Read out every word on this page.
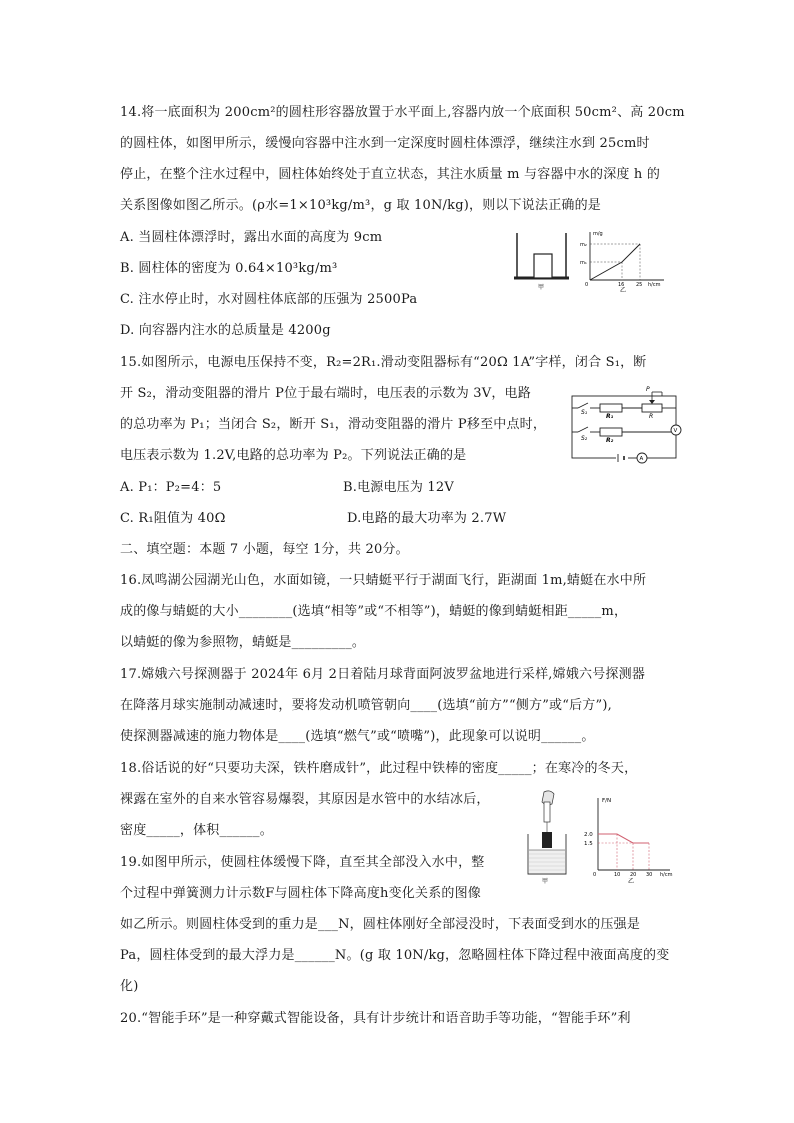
14.将一底面积为 200cm²的圆柱形容器放置于水平面上,容器内放一个底面积 50cm²、高 20cm
的圆柱体，如图甲所示，缓慢向容器中注水到一定深度时圆柱体漂浮，继续注水到 25cm时
停止，在整个注水过程中，圆柱体始终处于直立状态，其注水质量 m 与容器中水的深度 h 的
关系图像如图乙所示。(ρ水=1×10³kg/m³，g 取 10N/kg)，则以下说法正确的是
A. 当圆柱体漂浮时，露出水面的高度为 9cm
B. 圆柱体的密度为 0.64×10³kg/m³
C. 注水停止时，水对圆柱体底部的压强为 2500Pa
D. 向容器内注水的总质量是 4200g
甲
m/g
h/cm
m₂
m₁
0	16 25
乙
15.如图所示，电源电压保持不变，R₂=2R₁.滑动变阻器标有“20Ω 1A”字样，闭合 S₁，断
开 S₂，滑动变阻器的滑片 P位于最右端时，电压表的示数为 3V，电路
的总功率为 P₁；当闭合 S₂，断开 S₁，滑动变阻器的滑片 P移至中点时，
电压表示数为 1.2V,电路的总功率为 P₂。下列说法正确的是
A. P₁：P₂=4：5	B.电源电压为 12V
C. R₁阻值为 40Ω	D.电路的最大功率为 2.7W
P
S₁
R₁	R
V
S₂	R₂
A
二、填空题：本题 7 小题，每空 1分，共 20分。
16.凤鸣湖公园湖光山色，水面如镜，一只蜻蜓平行于湖面飞行，距湖面 1m,蜻蜓在水中所
成的像与蜻蜓的大小________(选填“相等”或“不相等”)，蜻蜓的像到蜻蜓相距_____m，
以蜻蜓的像为参照物，蜻蜓是_________。
17.嫦娥六号探测器于 2024年 6月 2日着陆月球背面阿波罗盆地进行采样,嫦娥六号探测器
在降落月球实施制动减速时，要将发动机喷管朝向____(选填“前方”“侧方”或“后方”),
使探测器减速的施力物体是____(选填“燃气”或“喷嘴”)，此现象可以说明______。
18.俗话说的好“只要功夫深，铁杵磨成针”，此过程中铁棒的密度_____；在寒冷的冬天，
裸露在室外的自来水管容易爆裂，其原因是水管中的水结冰后，
密度_____，体积______。
甲
F/N
h/cm
2.0
1.5
0	10 20 30
乙
19.如图甲所示，使圆柱体缓慢下降，直至其全部没入水中，整
个过程中弹簧测力计示数F与圆柱体下降高度h变化关系的图像
如乙所示。则圆柱体受到的重力是___N，圆柱体刚好全部浸没时，下表面受到水的压强是
Pa，圆柱体受到的最大浮力是______N。(g 取 10N/kg，忽略圆柱体下降过程中液面高度的变
化)
20.“智能手环”是一种穿戴式智能设备，具有计步统计和语音助手等功能，“智能手环”利
